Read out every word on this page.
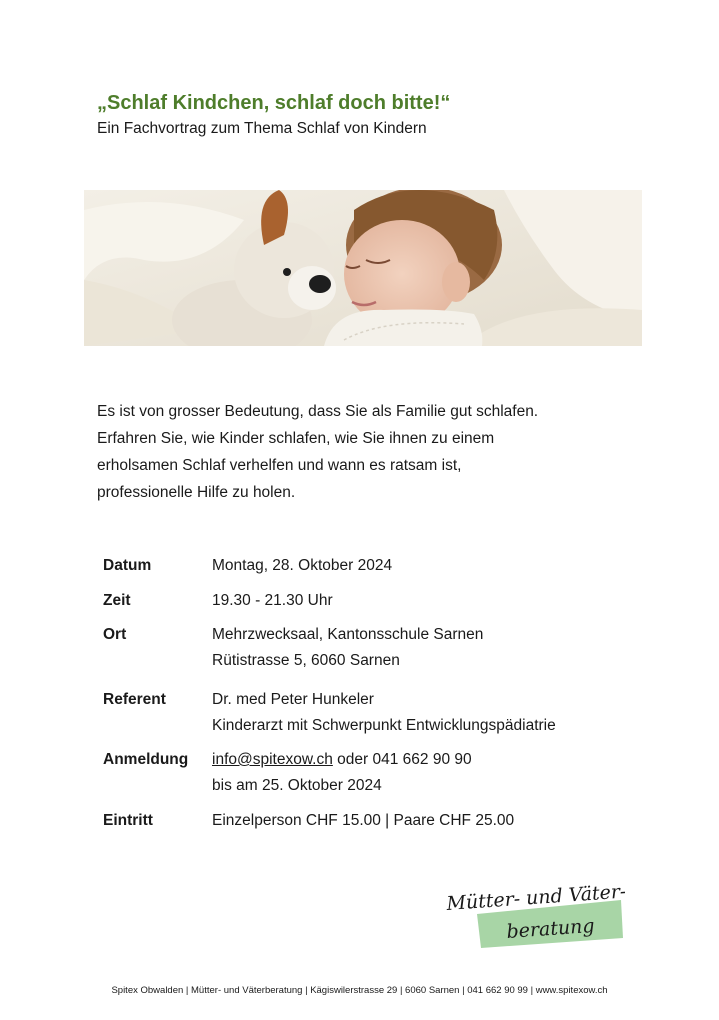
„Schlaf Kindchen, schlaf doch bitte!“

Ein Fachvortrag zum Thema Schlaf von Kindern

Es ist von grosser Bedeutung, dass Sie als Familie gut schlafen.
Erfahren Sie, wie Kinder schlafen, wie Sie ihnen zu einem
erholsamen Schlaf verhelfen und wann es ratsam ist,
professionelle Hilfe zu holen.
Datum	Montag, 28. Oktober 2024
Zeit	19.30 - 21.30 Uhr
Ort	Mehrzwecksaal, Kantonsschule Sarnen
Rütistrasse 5, 6060 Sarnen
Referent	Dr. med Peter Hunkeler
Kinderarzt mit Schwerpunkt Entwicklungspädiatrie
Anmeldung info@spitexow.ch oder 041 662 90 90
bis am 25. Oktober 2024
Eintritt	Einzelperson CHF 15.00 | Paare CHF 25.00
Mütter- und Väter-
beratung
Spitex Obwalden | Mütter- und Väterberatung | Kägiswilerstrasse 29 | 6060 Sarnen | 041 662 90 99 | www.spitexow.ch
